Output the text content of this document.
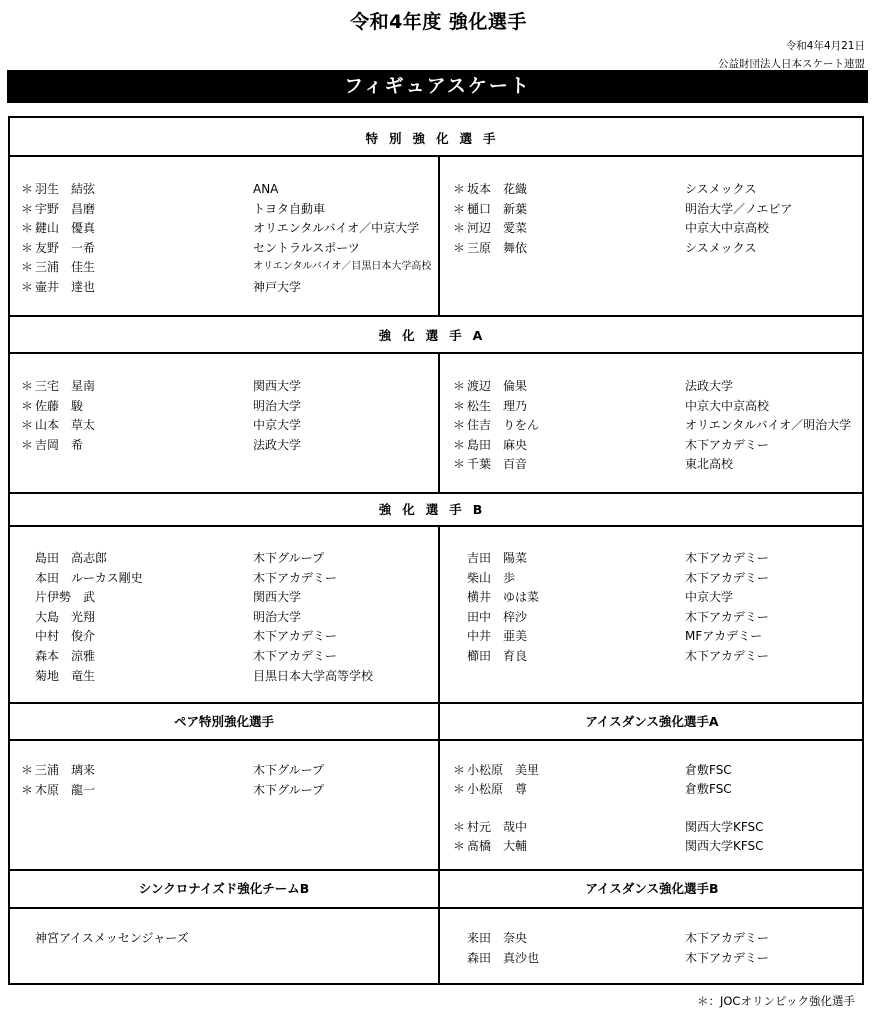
令和4年度 強化選手
令和4年4月21日
公益財団法人日本スケート連盟
フィギュアスケート
特別強化選手
強化選手A
強化選手B
ペア特別強化選手	アイスダンス強化選手A
シンクロナイズド強化チームB	アイスダンス強化選手B
神宮アイスメッセンジャーズ
＊ 羽生　結弦	ANA
＊ 宇野　昌磨	トヨタ自動車
＊ 鍵山　優真	オリエンタルバイオ／中京大学
＊ 友野　一希	セントラルスポーツ
＊ 三浦　佳生	オリエンタルバイオ／目黒日本大学高校
＊ 壷井　達也	神戸大学
＊ 坂本　花織	シスメックス
＊ 樋口　新葉	明治大学／ノエビア
＊ 河辺　愛菜	中京大中京高校
＊ 三原　舞依	シスメックス
＊ 三宅　星南	関西大学
＊ 佐藤　駿	明治大学
＊ 山本　草太	中京大学
＊ 吉岡　希	法政大学
＊ 渡辺　倫果	法政大学
＊ 松生　理乃	中京大中京高校
＊ 住吉　りをん	オリエンタルバイオ／明治大学
＊ 島田　麻央	木下アカデミー
＊ 千葉　百音	東北高校
島田　高志郎	木下グループ
本田　ルーカス剛史	木下アカデミー
片伊勢　武	関西大学
大島　光翔	明治大学
中村　俊介	木下アカデミー
森本　涼雅	木下アカデミー
菊地　竜生	目黒日本大学高等学校
吉田　陽菜	木下アカデミー
柴山　歩	木下アカデミー
横井　ゆは菜	中京大学
田中　梓沙	木下アカデミー
中井　亜美	MFアカデミー
櫛田　育良	木下アカデミー
＊ 三浦　璃来	木下グループ
＊ 木原　龍一	木下グループ
＊ 小松原　美里	倉敷FSC
＊ 小松原　尊	倉敷FSC
＊ 村元　哉中	関西大学KFSC
＊ 髙橋　大輔	関西大学KFSC
来田　奈央	木下アカデミー
森田　真沙也	木下アカデミー
＊：JOCオリンピック強化選手
